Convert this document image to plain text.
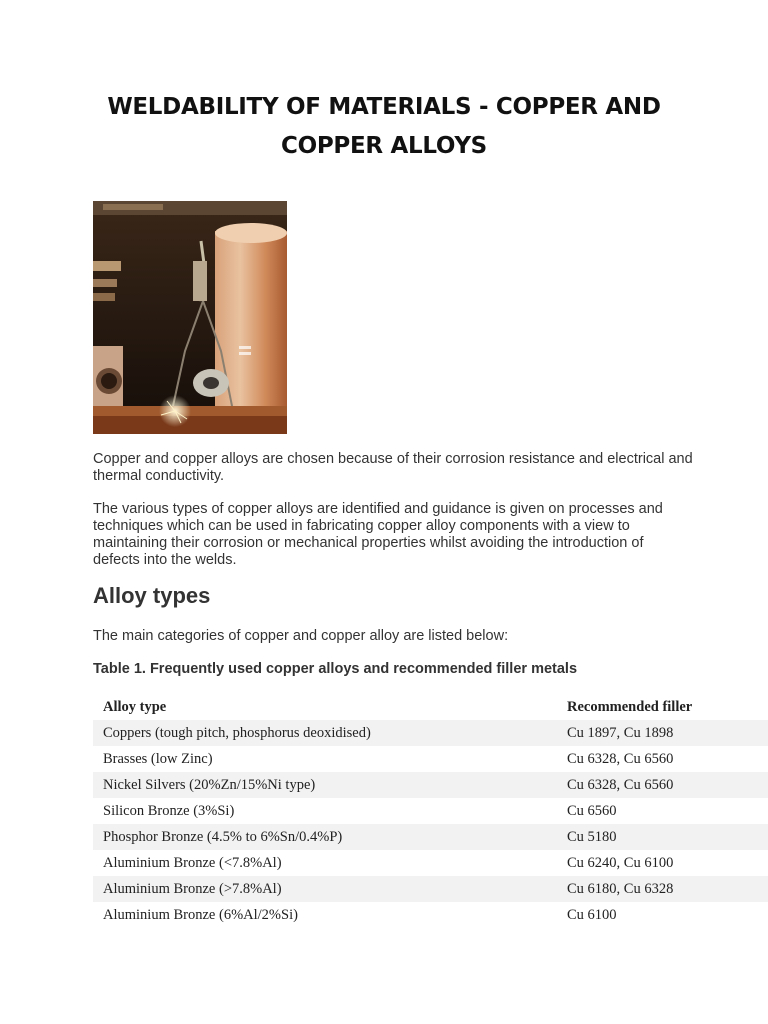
WELDABILITY OF MATERIALS - COPPER AND COPPER ALLOYS

Copper and copper alloys are chosen because of their corrosion resistance and electrical and thermal conductivity.

The various types of copper alloys are identified and guidance is given on processes and techniques which can be used in fabricating copper alloy components with a view to maintaining their corrosion or mechanical properties whilst avoiding the introduction of defects into the welds.

Alloy types

The main categories of copper and copper alloy are listed below:

Table 1. Frequently used copper alloys and recommended filler metals

Alloy type	Recommended filler
Coppers (tough pitch, phosphorus deoxidised)	Cu 1897, Cu 1898
Brasses (low Zinc)	Cu 6328, Cu 6560
Nickel Silvers (20%Zn/15%Ni type)	Cu 6328, Cu 6560
Silicon Bronze (3%Si)	Cu 6560
Phosphor Bronze (4.5% to 6%Sn/0.4%P)	Cu 5180
Aluminium Bronze (<7.8%Al)	Cu 6240, Cu 6100
Aluminium Bronze (>7.8%Al)	Cu 6180, Cu 6328
Aluminium Bronze (6%Al/2%Si)	Cu 6100
